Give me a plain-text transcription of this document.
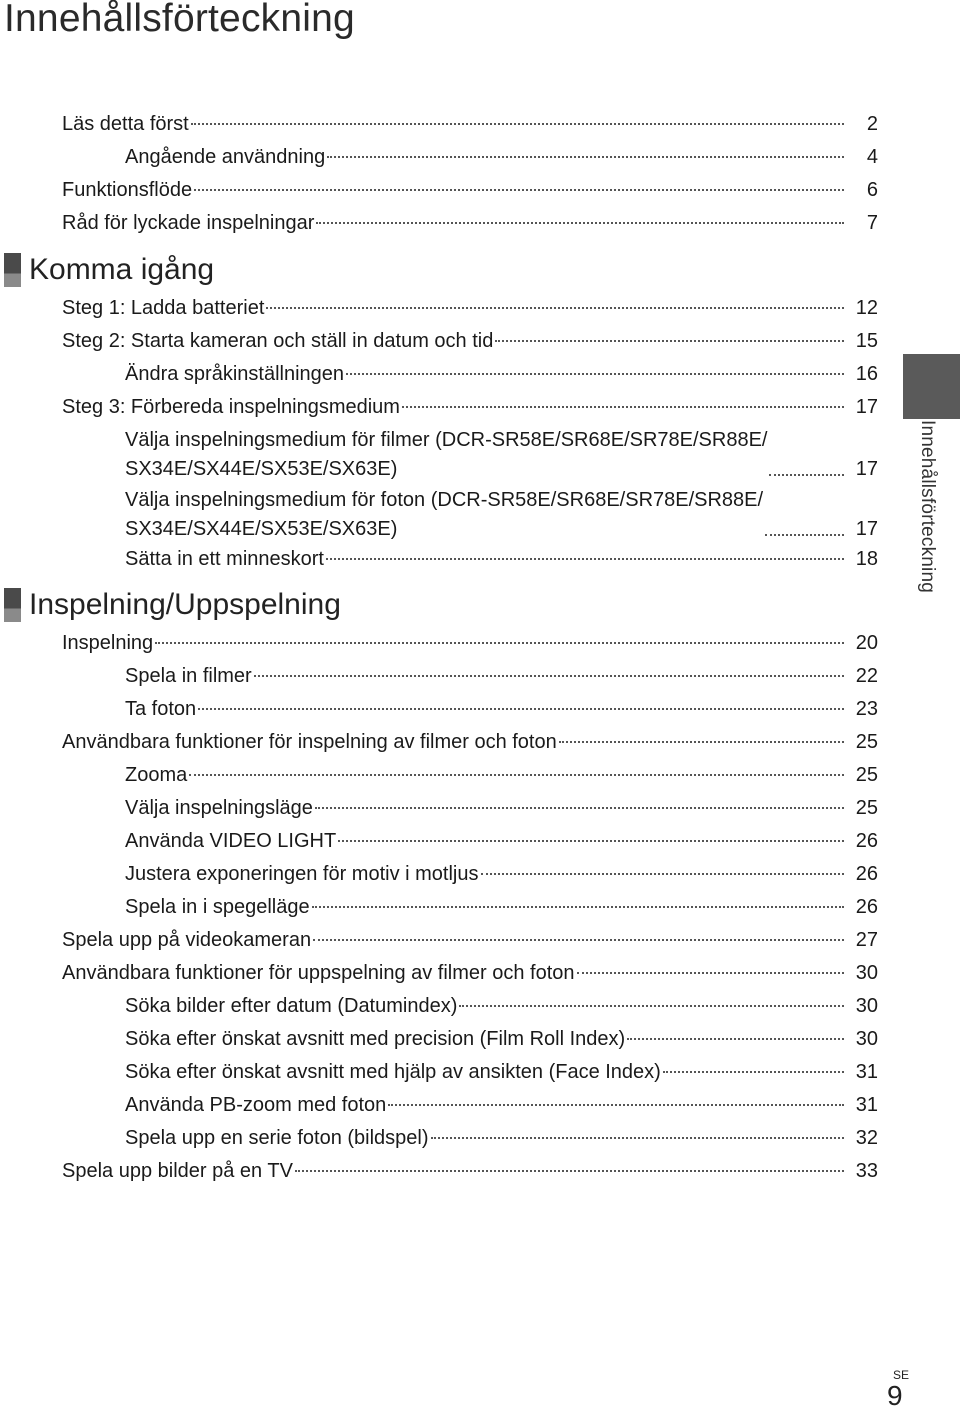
Innehållsförteckning
Läs detta först	2
Angående användning	4
Funktionsflöde	6
Råd för lyckade inspelningar	7
Komma igång
Steg 1: Ladda batteriet	12
Steg 2: Starta kameran och ställ in datum och tid	15
Ändra språkinställningen	16
Steg 3: Förbereda inspelningsmedium	17
Välja inspelningsmedium för filmer (DCR-SR58E/SR68E/SR78E/SR88E/
SX34E/SX44E/SX53E/SX63E)	17
Välja inspelningsmedium för foton (DCR-SR58E/SR68E/SR78E/SR88E/
SX34E/SX44E/SX53E/SX63E)	17
Sätta in ett minneskort	18
Inspelning/Uppspelning
Inspelning	20
Spela in filmer	22
Ta foton	23
Användbara funktioner för inspelning av filmer och foton	25
Zooma	25
Välja inspelningsläge	25
Använda VIDEO LIGHT	26
Justera exponeringen för motiv i motljus	26
Spela in i spegelläge	26
Spela upp på videokameran	27
Användbara funktioner för uppspelning av filmer och foton	30
Söka bilder efter datum (Datumindex)	30
Söka efter önskat avsnitt med precision (Film Roll Index)	30
Söka efter önskat avsnitt med hjälp av ansikten (Face Index)	31
Använda PB-zoom med foton	31
Spela upp en serie foton (bildspel)	32
Spela upp bilder på en TV	33
Innehållsförteckning
SE
9
